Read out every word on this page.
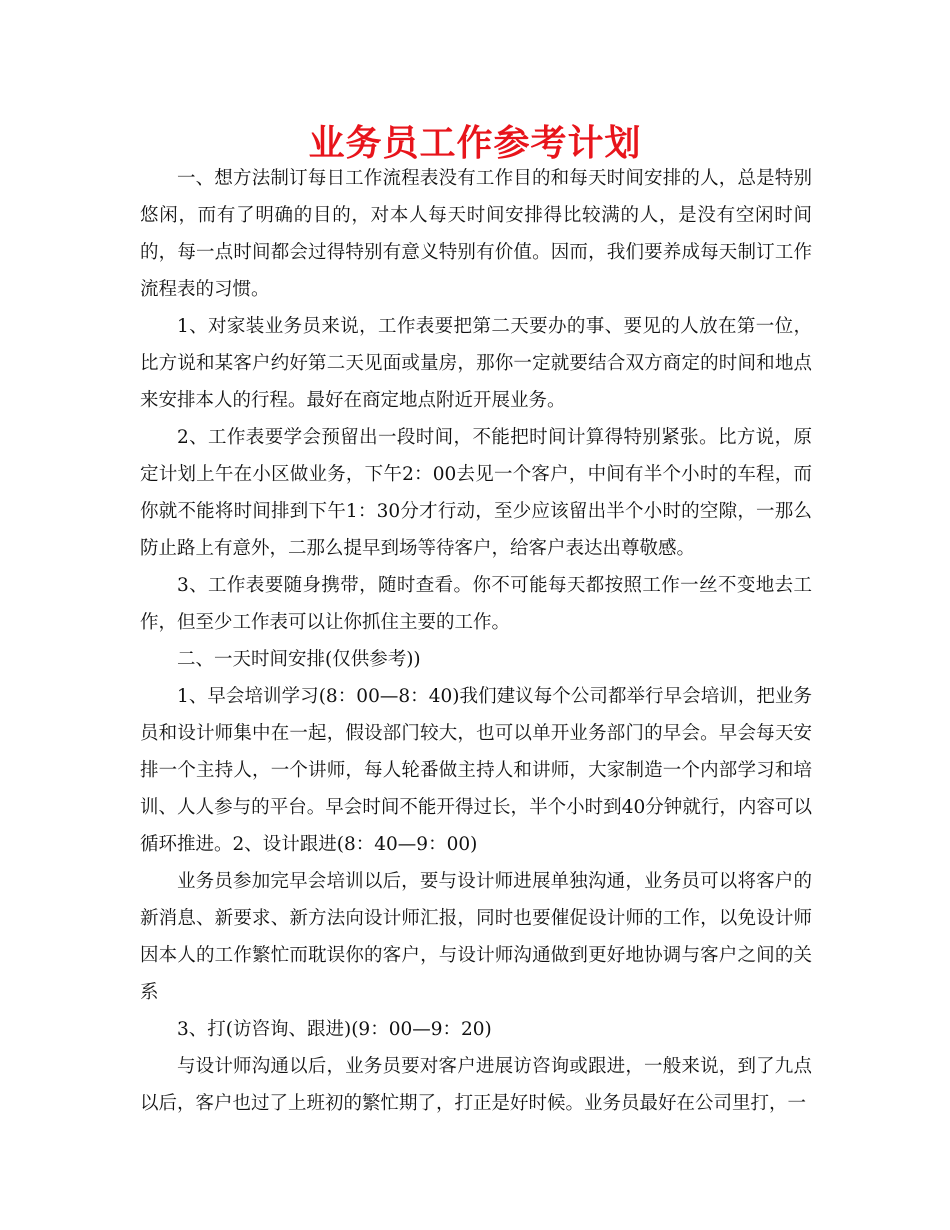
业务员工作参考计划

一、想方法制订每日工作流程表没有工作目的和每天时间安排的人，总是特别悠闲，而有了明确的目的，对本人每天时间安排得比较满的人，是没有空闲时间的，每一点时间都会过得特别有意义特别有价值。因而，我们要养成每天制订工作流程表的习惯。

1、对家装业务员来说，工作表要把第二天要办的事、要见的人放在第一位，比方说和某客户约好第二天见面或量房，那你一定就要结合双方商定的时间和地点来安排本人的行程。最好在商定地点附近开展业务。

2、工作表要学会预留出一段时间，不能把时间计算得特别紧张。比方说，原定计划上午在小区做业务，下午2：00去见一个客户，中间有半个小时的车程，而你就不能将时间排到下午1：30分才行动，至少应该留出半个小时的空隙，一那么防止路上有意外，二那么提早到场等待客户，给客户表达出尊敬感。

3、工作表要随身携带，随时查看。你不可能每天都按照工作一丝不变地去工作，但至少工作表可以让你抓住主要的工作。

二、一天时间安排(仅供参考))

1、早会培训学习(8：00—8：40)我们建议每个公司都举行早会培训，把业务员和设计师集中在一起，假设部门较大，也可以单开业务部门的早会。早会每天安排一个主持人，一个讲师，每人轮番做主持人和讲师，大家制造一个内部学习和培训、人人参与的平台。早会时间不能开得过长，半个小时到40分钟就行，内容可以循环推进。2、设计跟进(8：40—9：00)

业务员参加完早会培训以后，要与设计师进展单独沟通，业务员可以将客户的新消息、新要求、新方法向设计师汇报，同时也要催促设计师的工作，以免设计师因本人的工作繁忙而耽误你的客户，与设计师沟通做到更好地协调与客户之间的关系

3、打(访咨询、跟进)(9：00—9：20)

与设计师沟通以后，业务员要对客户进展访咨询或跟进，一般来说，到了九点以后，客户也过了上班初的繁忙期了，打正是好时候。业务员最好在公司里打，一
